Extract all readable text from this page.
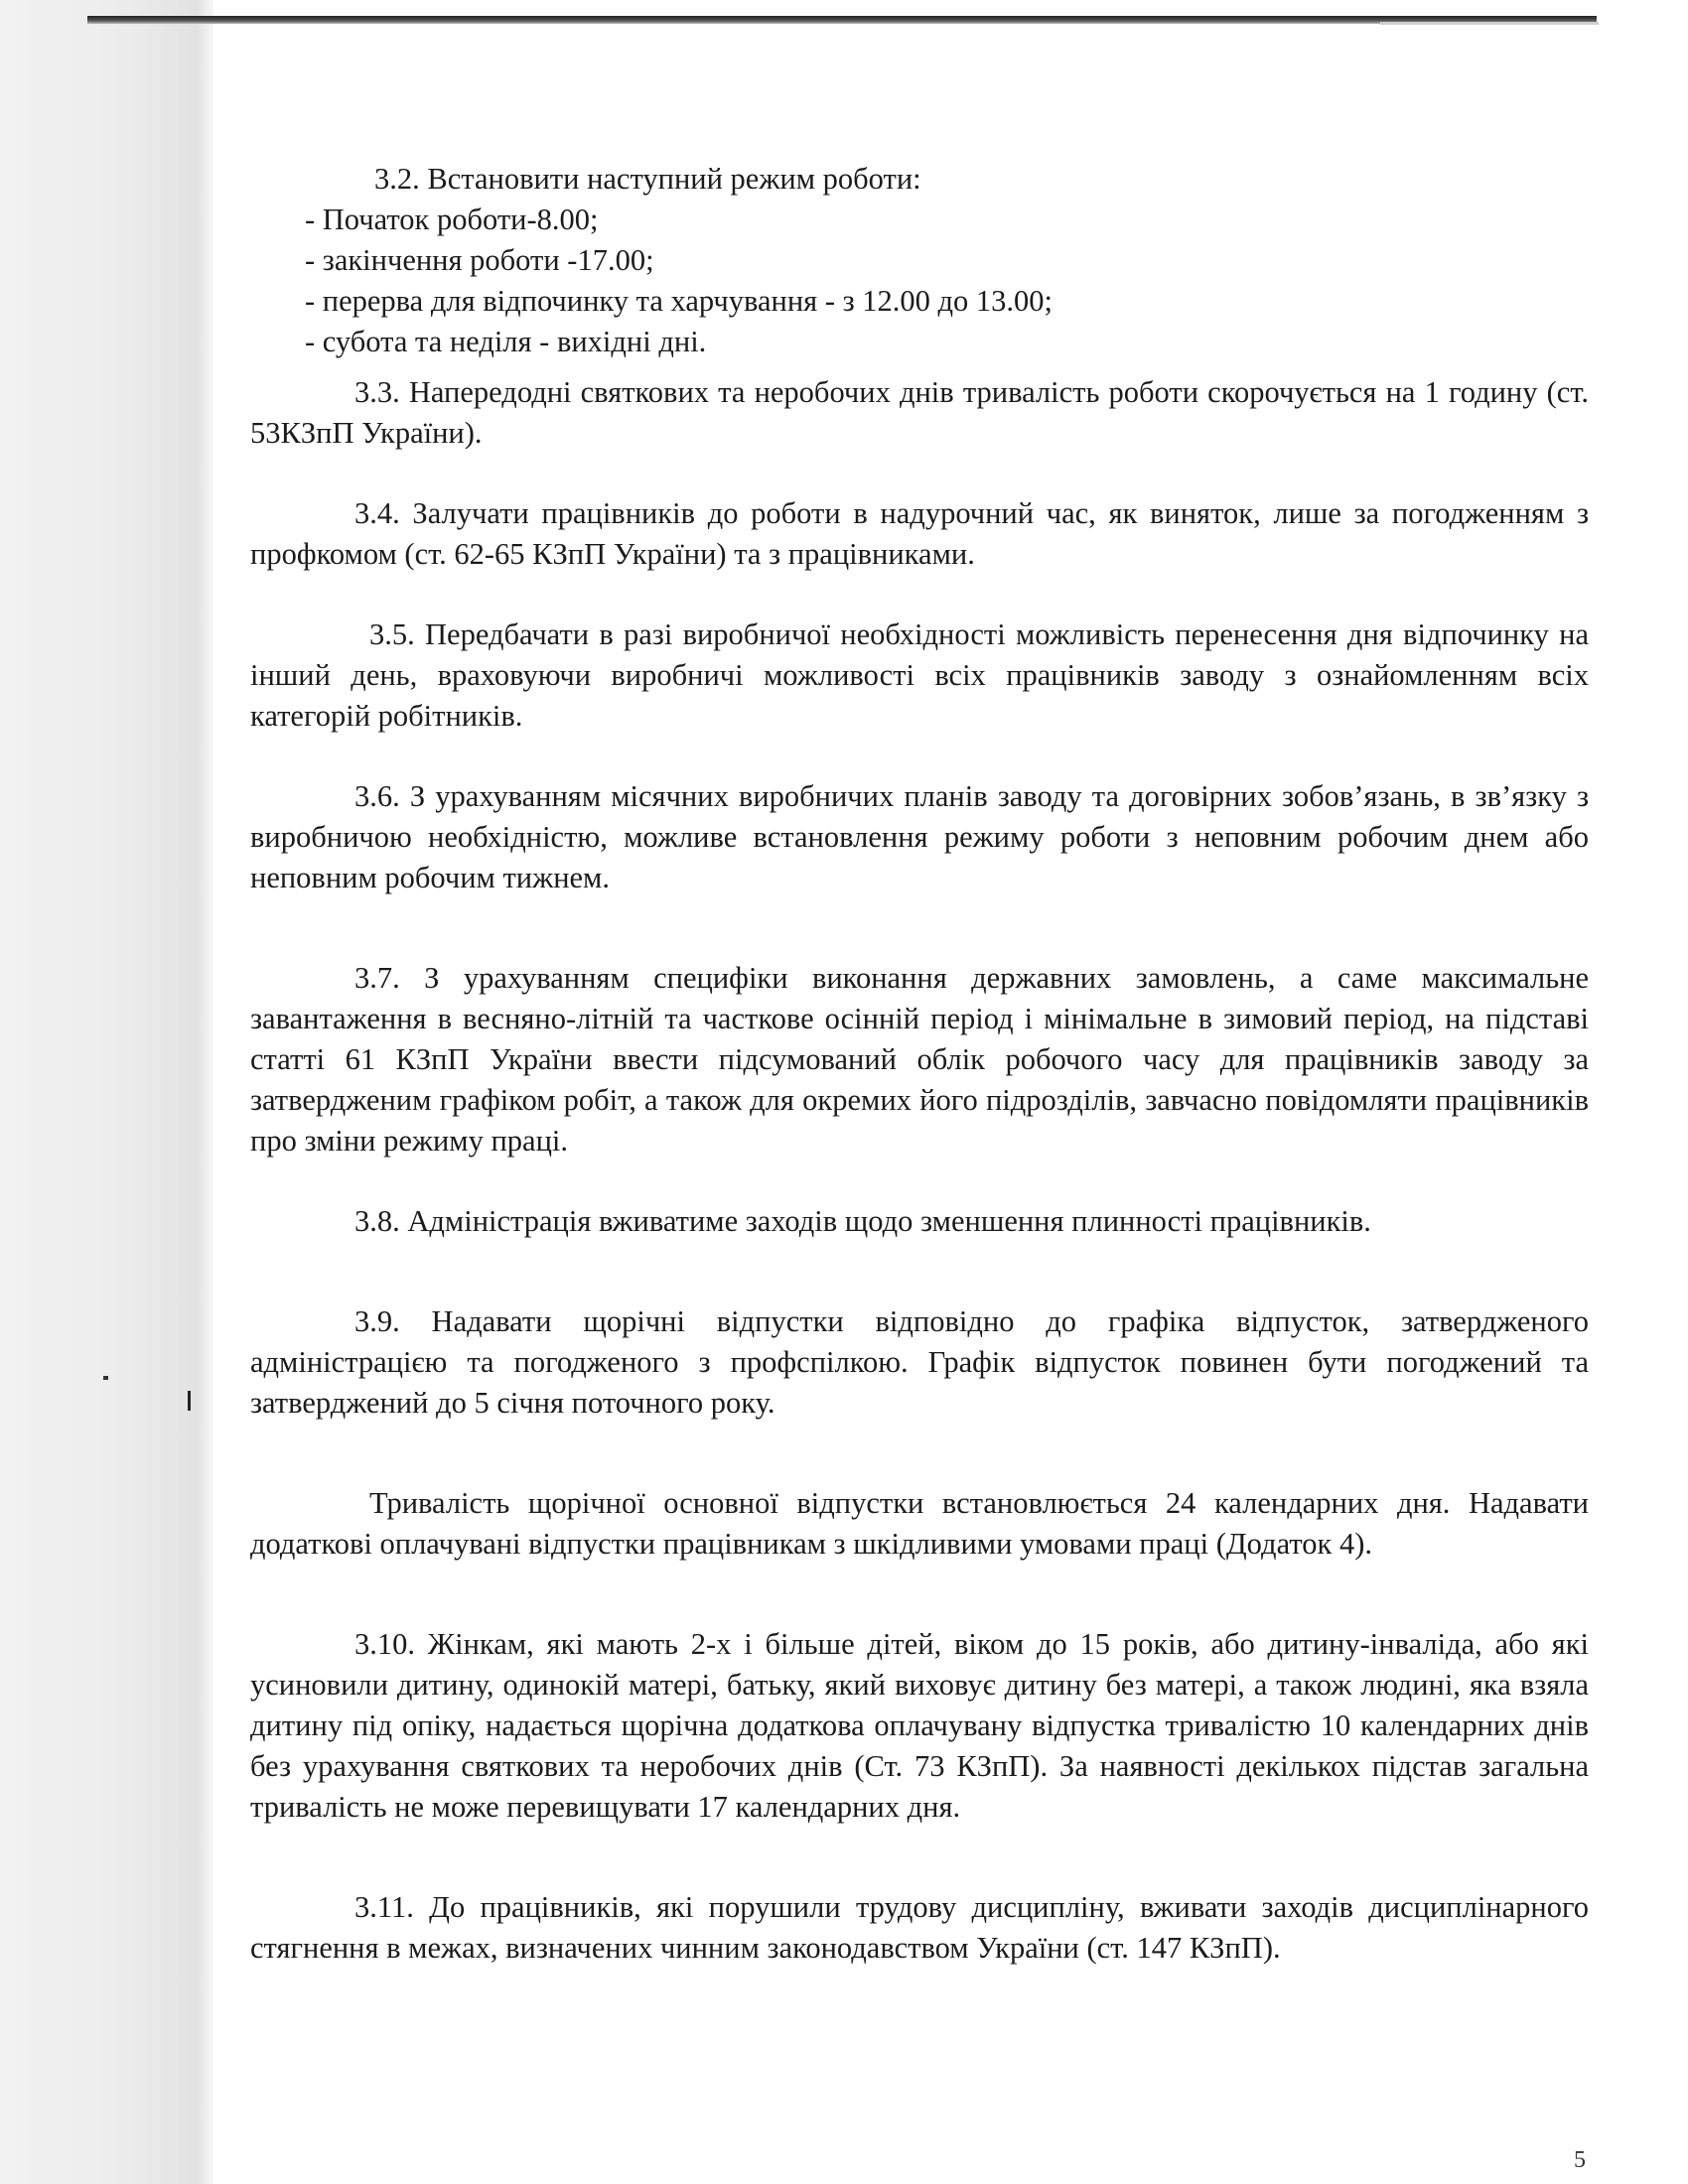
3.2. Встановити наступний режим роботи:

- Початок роботи-8.00;

- закінчення роботи -17.00;

- перерва для відпочинку та харчування - з 12.00 до 13.00;

- субота та неділя - вихідні дні.

3.3. Напередодні святкових та неробочих днів тривалість роботи скорочується на 1 годину (ст. 53КЗпП України).

3.4. Залучати працівників до роботи в надурочний час, як виняток, лише за погодженням з профкомом (ст. 62-65 КЗпП України) та з працівниками.

3.5. Передбачати в разі виробничої необхідності можливість перенесення дня відпочинку на інший день, враховуючи виробничі можливості всіх працівників заводу з ознайомленням всіх категорій робітників.

3.6. З урахуванням місячних виробничих планів заводу та договірних зобов’язань, в зв’язку з виробничою необхідністю, можливе встановлення режиму роботи з неповним робочим днем або неповним робочим тижнем.

3.7. З урахуванням специфіки виконання державних замовлень, а саме максимальне завантаження в весняно-літній та часткове осінній період і мінімальне в зимовий період, на підставі статті 61 КЗпП України ввести підсумований облік робочого часу для працівників заводу за затвердженим графіком робіт, а також для окремих його підрозділів, завчасно повідомляти працівників про зміни режиму праці.

3.8. Адміністрація вживатиме заходів щодо зменшення плинності працівників.

3.9. Надавати щорічні відпустки відповідно до графіка відпусток, затвердженого адміністрацією та погодженого з профспілкою. Графік відпусток повинен бути погоджений та затверджений до 5 січня поточного року.

Тривалість щорічної основної відпустки встановлюється 24 календарних дня. Надавати додаткові оплачувані відпустки працівникам з шкідливими умовами праці (Додаток 4).

3.10. Жінкам, які мають 2-х і більше дітей, віком до 15 років, або дитину-інваліда, або які усиновили дитину, одинокій матері, батьку, який виховує дитину без матері, а також людині, яка взяла дитину під опіку, надається щорічна додаткова оплачувану відпустка тривалістю 10 календарних днів без урахування святкових та неробочих днів (Ст. 73 КЗпП). За наявності декількох підстав загальна тривалість не може перевищувати 17 календарних дня.

3.11. До працівників, які порушили трудову дисципліну, вживати заходів дисциплінарного стягнення в межах, визначених чинним законодавством України (ст. 147 КЗпП).

5
